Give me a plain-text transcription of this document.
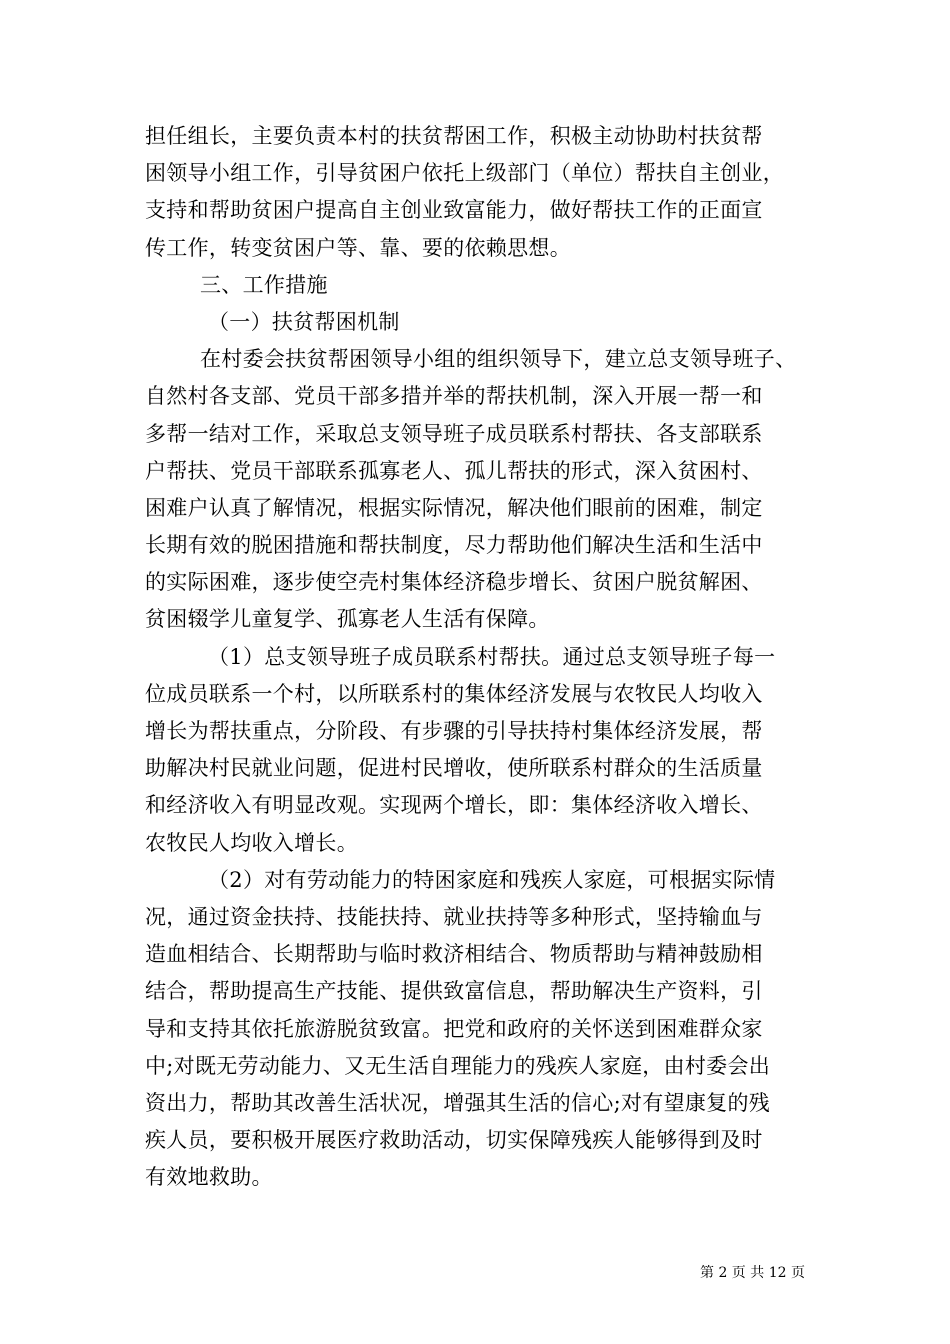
担任组长，主要负责本村的扶贫帮困工作，积极主动协助村扶贫帮
困领导小组工作，引导贫困户依托上级部门（单位）帮扶自主创业，
支持和帮助贫困户提高自主创业致富能力，做好帮扶工作的正面宣
传工作，转变贫困户等、靠、要的依赖思想。
三、工作措施
（一）扶贫帮困机制
在村委会扶贫帮困领导小组的组织领导下，建立总支领导班子、
自然村各支部、党员干部多措并举的帮扶机制，深入开展一帮一和
多帮一结对工作，采取总支领导班子成员联系村帮扶、各支部联系
户帮扶、党员干部联系孤寡老人、孤儿帮扶的形式，深入贫困村、
困难户认真了解情况，根据实际情况，解决他们眼前的困难，制定
长期有效的脱困措施和帮扶制度，尽力帮助他们解决生活和生活中
的实际困难，逐步使空壳村集体经济稳步增长、贫困户脱贫解困、
贫困辍学儿童复学、孤寡老人生活有保障。
（1）总支领导班子成员联系村帮扶。通过总支领导班子每一
位成员联系一个村，以所联系村的集体经济发展与农牧民人均收入
增长为帮扶重点，分阶段、有步骤的引导扶持村集体经济发展，帮
助解决村民就业问题，促进村民增收，使所联系村群众的生活质量
和经济收入有明显改观。实现两个增长，即：集体经济收入增长、
农牧民人均收入增长。
（2）对有劳动能力的特困家庭和残疾人家庭，可根据实际情
况，通过资金扶持、技能扶持、就业扶持等多种形式，坚持输血与
造血相结合、长期帮助与临时救济相结合、物质帮助与精神鼓励相
结合，帮助提高生产技能、提供致富信息，帮助解决生产资料，引
导和支持其依托旅游脱贫致富。把党和政府的关怀送到困难群众家
中;对既无劳动能力、又无生活自理能力的残疾人家庭，由村委会出
资出力，帮助其改善生活状况，增强其生活的信心;对有望康复的残
疾人员，要积极开展医疗救助活动，切实保障残疾人能够得到及时
有效地救助。
第 2 页 共 12 页
